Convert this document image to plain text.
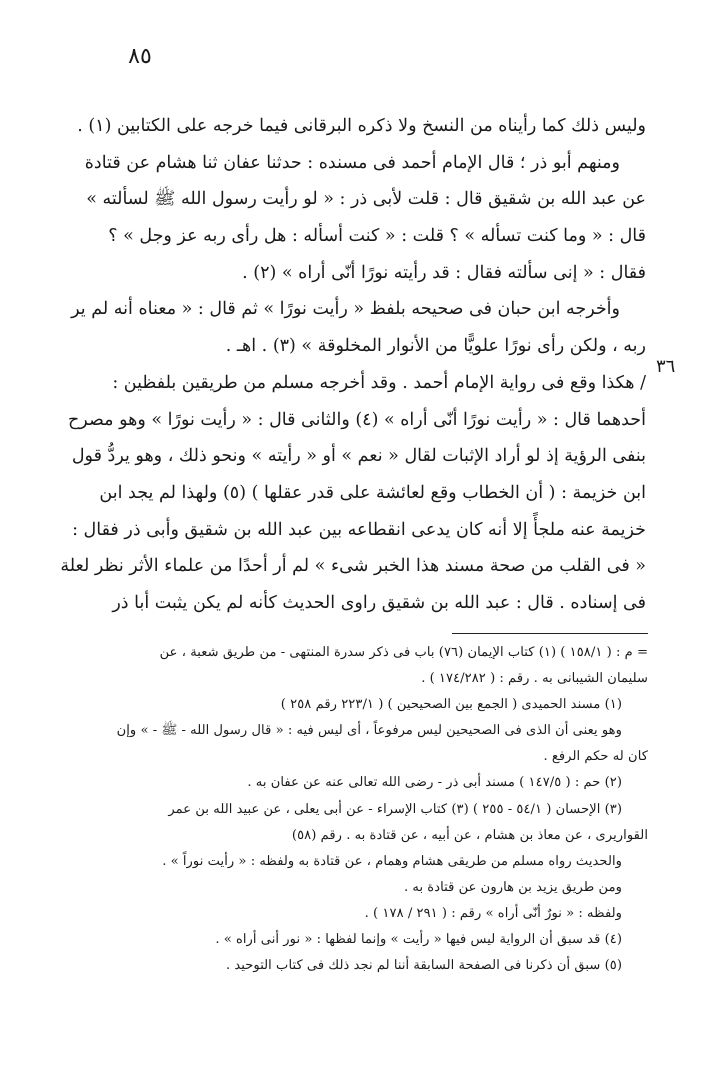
٨٥
٣٦
وليس ذلك كما رأيناه من النسخ ولا ذكره البرقانى فيما خرجه على الكتابين (١) .
ومنهم أبو ذر ؛ قال الإمام أحمد فى مسنده : حدثنا عفان ثنا هشام عن قتادة
عن عبد الله بن شقيق قال : قلت لأبى ذر : « لو رأيت رسول الله ﷺ لسألته »
قال : « وما كنت تسأله » ؟ قلت : « كنت أسأله : هل رأى ربه عز وجل » ؟
فقال : « إنى سألته فقال : قد رأيته نورًا أنّى أراه » (٢) .
وأخرجه ابن حبان فى صحيحه بلفظ « رأيت نورًا » ثم قال : « معناه أنه لم ير
ربه ، ولكن رأى نورًا علويًّا من الأنوار المخلوقة » (٣) . اهـ .
/ هكذا وقع فى رواية الإمام أحمد . وقد أخرجه مسلم من طريقين بلفظين :
أحدهما قال : « رأيت نورًا أنّى أراه » (٤) والثانى قال : « رأيت نورًا » وهو مصرح
بنفى الرؤية إذ لو أراد الإثبات لقال « نعم » أو « رأيته » ونحو ذلك ، وهو يردُّ قول
ابن خزيمة : ( أن الخطاب وقع لعائشة على قدر عقلها ) (٥) ولهذا لم يجد ابن
خزيمة عنه ملجأً إلا أنه كان يدعى انقطاعه بين عبد الله بن شقيق وأبى ذر فقال :
« فى القلب من صحة مسند هذا الخبر شىء » لم أر أحدًا من علماء الأثر نظر لعلة
فى إسناده . قال : عبد الله بن شقيق راوى الحديث كأنه لم يكن يثبت أبا ذر
= م : ( ١٥٨/١ ) (١) كتاب الإيمان (٧٦) باب فى ذكر سدرة المنتهى - من طريق شعبة ، عن
سليمان الشيبانى به . رقم : ( ١٧٤/٢٨٢ ) .
(١) مسند الحميدى ( الجمع بين الصحيحين ) ( ٢٢٣/١ رقم ٢٥٨ )
وهو يعنى أن الذى فى الصحيحين ليس مرفوعاً ، أى ليس فيه : « قال رسول الله - ﷺ - » وإن
كان له حكم الرفع .
(٢) حم : ( ١٤٧/٥ ) مسند أبى ذر - رضى الله تعالى عنه عن عفان به .
(٣) الإحسان ( ٥٤/١ - ٢٥٥ ) (٣) كتاب الإسراء - عن أبى يعلى ، عن عبيد الله بن عمر
القواريرى ، عن معاذ بن هشام ، عن أبيه ، عن قتادة به . رقم (٥٨)
والحديث رواه مسلم من طريقى هشام وهمام ، عن قتادة به ولفظه : « رأيت نوراً » .
ومن طريق يزيد بن هارون عن قتادة به .
ولفظه : « نورٌ أنّى أراه » رقم : ( ٢٩١ / ١٧٨ ) .
(٤) قد سبق أن الرواية ليس فيها « رأيت » وإنما لفظها : « نور أنى أراه » .
(٥) سبق أن ذكرنا فى الصفحة السابقة أننا لم نجد ذلك فى كتاب التوحيد .
